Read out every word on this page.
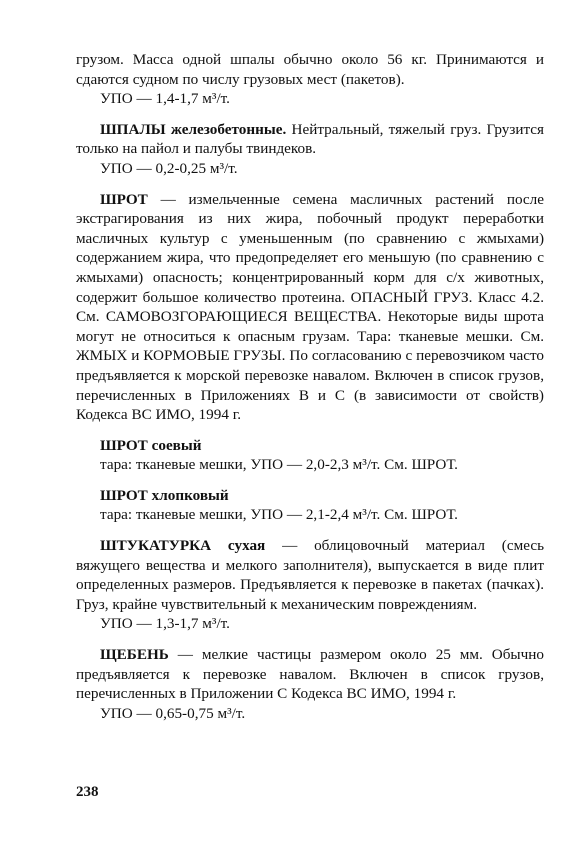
грузом. Масса одной шпалы обычно около 56 кг. Принимаются и сдаются судном по числу грузовых мест (пакетов).

УПО — 1,4-1,7 м³/т.

ШПАЛЫ железобетонные. Нейтральный, тяжелый груз. Грузится только на пайол и палубы твиндеков.

УПО — 0,2-0,25 м³/т.

ШРОТ — измельченные семена масличных растений после экстрагирования из них жира, побочный продукт переработки масличных культур с уменьшенным (по сравнению с жмыхами) содержанием жира, что предопределяет его меньшую (по сравнению с жмыхами) опасность; концентрированный корм для с/х животных, содержит большое количество протеина. ОПАСНЫЙ ГРУЗ. Класс 4.2. См. САМОВОЗГОРАЮЩИЕСЯ ВЕЩЕСТВА. Некоторые виды шрота могут не относиться к опасным грузам. Тара: тканевые мешки. См. ЖМЫХ и КОРМОВЫЕ ГРУЗЫ. По согласованию с перевозчиком часто предъявляется к морской перевозке навалом. Включен в список грузов, перечисленных в Приложениях В и С (в зависимости от свойств) Кодекса ВС ИМО, 1994 г.

ШРОТ соевый

тара: тканевые мешки, УПО — 2,0-2,3 м³/т. См. ШРОТ.

ШРОТ хлопковый

тара: тканевые мешки, УПО — 2,1-2,4 м³/т. См. ШРОТ.

ШТУКАТУРКА сухая — облицовочный материал (смесь вяжущего вещества и мелкого заполнителя), выпускается в виде плит определенных размеров. Предъявляется к перевозке в пакетах (пачках). Груз, крайне чувствительный к механическим повреждениям.

УПО — 1,3-1,7 м³/т.

ЩЕБЕНЬ — мелкие частицы размером около 25 мм. Обычно предъявляется к перевозке навалом. Включен в список грузов, перечисленных в Приложении С Кодекса ВС ИМО, 1994 г.

УПО — 0,65-0,75 м³/т.

238
